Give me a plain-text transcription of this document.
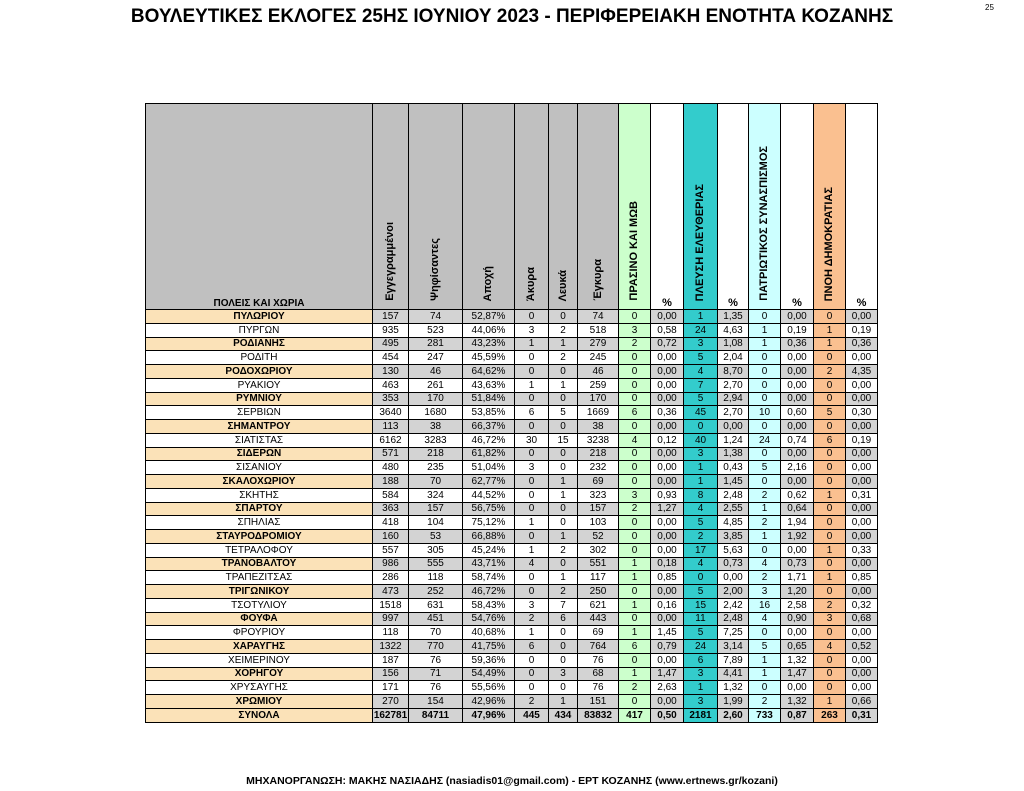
25
ΒΟΥΛΕΥΤΙΚΕΣ ΕΚΛΟΓΕΣ 25ΗΣ ΙΟΥΝΙΟΥ 2023 - ΠΕΡΙΦΕΡΕΙΑΚΗ ΕΝΟΤΗΤΑ ΚΟΖΑΝΗΣ
ΠΟΛΕΙΣ ΚΑΙ ΧΩΡΙΑ	Εγγεγραμμένοι	Ψηφίσαντες	Αποχή	Άκυρα	Λευκά	Έγκυρα	ΠΡΑΣΙΝΟ ΚΑΙ ΜΩΒ	%	ΠΛΕΥΣΗ ΕΛΕΥΘΕΡΙΑΣ	%	ΠΑΤΡΙΩΤΙΚΟΣ ΣΥΝΑΣΠΙΣΜΟΣ	%	ΠΝΟΗ ΔΗΜΟΚΡΑΤΙΑΣ	%
ΠΥΛΩΡΙΟΥ	157	74	52,87%	0	0	74	0	0,00	1	1,35	0	0,00	0	0,00
ΠΥΡΓΩΝ	935	523	44,06%	3	2	518	3	0,58	24	4,63	1	0,19	1	0,19
ΡΟΔΙΑΝΗΣ	495	281	43,23%	1	1	279	2	0,72	3	1,08	1	0,36	1	0,36
ΡΟΔΙΤΗ	454	247	45,59%	0	2	245	0	0,00	5	2,04	0	0,00	0	0,00
ΡΟΔΟΧΩΡΙΟΥ	130	46	64,62%	0	0	46	0	0,00	4	8,70	0	0,00	2	4,35
ΡΥΑΚΙΟΥ	463	261	43,63%	1	1	259	0	0,00	7	2,70	0	0,00	0	0,00
ΡΥΜΝΙΟΥ	353	170	51,84%	0	0	170	0	0,00	5	2,94	0	0,00	0	0,00
ΣΕΡΒΙΩΝ	3640	1680	53,85%	6	5	1669	6	0,36	45	2,70	10	0,60	5	0,30
ΣΗΜΑΝΤΡΟΥ	113	38	66,37%	0	0	38	0	0,00	0	0,00	0	0,00	0	0,00
ΣΙΑΤΙΣΤΑΣ	6162	3283	46,72%	30	15	3238	4	0,12	40	1,24	24	0,74	6	0,19
ΣΙΔΕΡΩΝ	571	218	61,82%	0	0	218	0	0,00	3	1,38	0	0,00	0	0,00
ΣΙΣΑΝΙΟΥ	480	235	51,04%	3	0	232	0	0,00	1	0,43	5	2,16	0	0,00
ΣΚΑΛΟΧΩΡΙΟΥ	188	70	62,77%	0	1	69	0	0,00	1	1,45	0	0,00	0	0,00
ΣΚΗΤΗΣ	584	324	44,52%	0	1	323	3	0,93	8	2,48	2	0,62	1	0,31
ΣΠΑΡΤΟΥ	363	157	56,75%	0	0	157	2	1,27	4	2,55	1	0,64	0	0,00
ΣΠΗΛΙΑΣ	418	104	75,12%	1	0	103	0	0,00	5	4,85	2	1,94	0	0,00
ΣΤΑΥΡΟΔΡΟΜΙΟΥ	160	53	66,88%	0	1	52	0	0,00	2	3,85	1	1,92	0	0,00
ΤΕΤΡΑΛΟΦΟΥ	557	305	45,24%	1	2	302	0	0,00	17	5,63	0	0,00	1	0,33
ΤΡΑΝΟΒΑΛΤΟΥ	986	555	43,71%	4	0	551	1	0,18	4	0,73	4	0,73	0	0,00
ΤΡΑΠΕΖΙΤΣΑΣ	286	118	58,74%	0	1	117	1	0,85	0	0,00	2	1,71	1	0,85
ΤΡΙΓΩΝΙΚΟΥ	473	252	46,72%	0	2	250	0	0,00	5	2,00	3	1,20	0	0,00
ΤΣΟΤΥΛΙΟΥ	1518	631	58,43%	3	7	621	1	0,16	15	2,42	16	2,58	2	0,32
ΦΟΥΦΑ	997	451	54,76%	2	6	443	0	0,00	11	2,48	4	0,90	3	0,68
ΦΡΟΥΡΙΟΥ	118	70	40,68%	1	0	69	1	1,45	5	7,25	0	0,00	0	0,00
ΧΑΡΑΥΓΗΣ	1322	770	41,75%	6	0	764	6	0,79	24	3,14	5	0,65	4	0,52
ΧΕΙΜΕΡΙΝΟΥ	187	76	59,36%	0	0	76	0	0,00	6	7,89	1	1,32	0	0,00
ΧΟΡΗΓΟΥ	156	71	54,49%	0	3	68	1	1,47	3	4,41	1	1,47	0	0,00
ΧΡΥΣΑΥΓΗΣ	171	76	55,56%	0	0	76	2	2,63	1	1,32	0	0,00	0	0,00
ΧΡΩΜΙΟΥ	270	154	42,96%	2	1	151	0	0,00	3	1,99	2	1,32	1	0,66
ΣΥΝΟΛΑ	162781	84711	47,96%	445	434	83832	417	0,50	2181	2,60	733	0,87	263	0,31
ΜΗΧΑΝΟΡΓΑΝΩΣΗ: ΜΑΚΗΣ ΝΑΣΙΑΔΗΣ (nasiadis01@gmail.com) - ΕΡΤ ΚΟΖΑΝΗΣ (www.ertnews.gr/kozani)
